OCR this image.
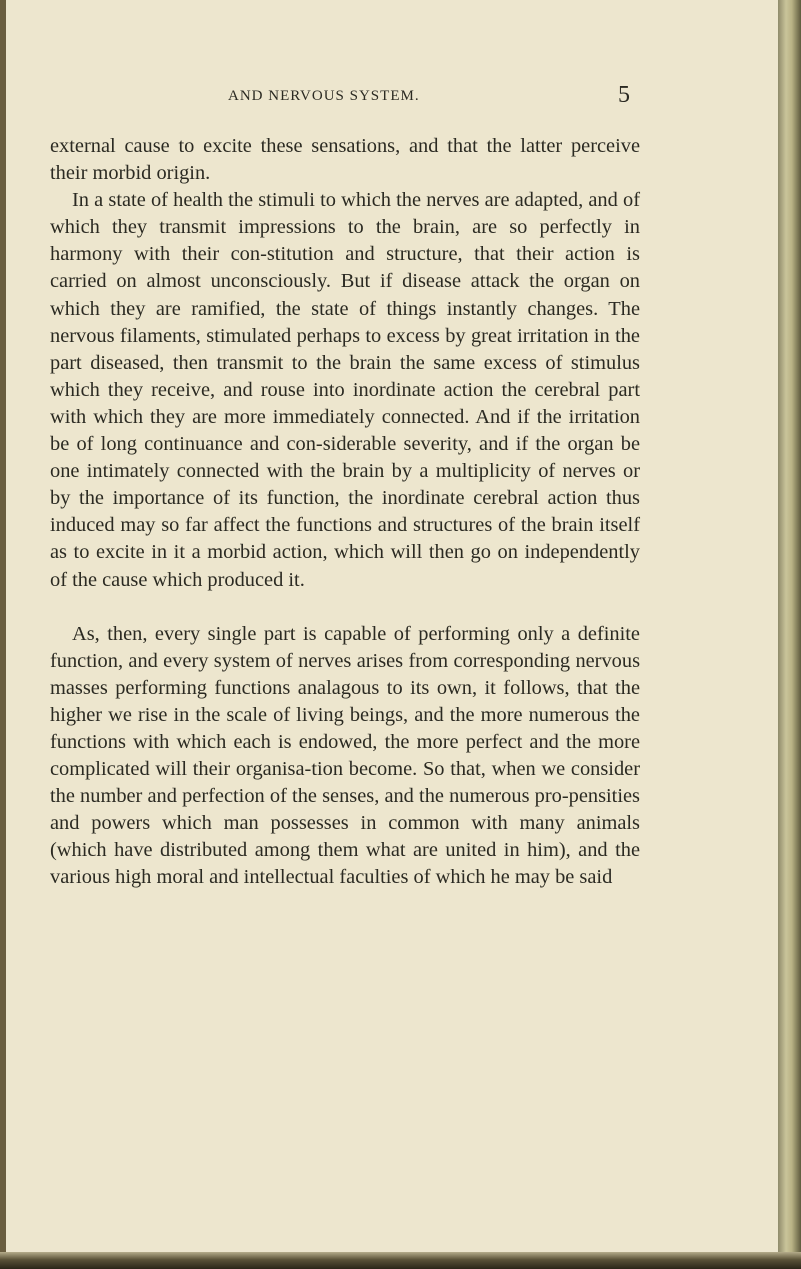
AND NERVOUS SYSTEM.	5

external cause to excite these sensations, and that the latter perceive their morbid origin.

In a state of health the stimuli to which the nerves are adapted, and of which they transmit impressions to the brain, are so perfectly in harmony with their con-stitution and structure, that their action is carried on almost unconsciously. But if disease attack the organ on which they are ramified, the state of things instantly changes. The nervous filaments, stimulated perhaps to excess by great irritation in the part diseased, then transmit to the brain the same excess of stimulus which they receive, and rouse into inordinate action the cerebral part with which they are more immediately connected. And if the irritation be of long continuance and con-siderable severity, and if the organ be one intimately connected with the brain by a multiplicity of nerves or by the importance of its function, the inordinate cerebral action thus induced may so far affect the functions and structures of the brain itself as to excite in it a morbid action, which will then go on independently of the cause which produced it.

As, then, every single part is capable of performing only a definite function, and every system of nerves arises from corresponding nervous masses performing functions analagous to its own, it follows, that the higher we rise in the scale of living beings, and the more numerous the functions with which each is endowed, the more perfect and the more complicated will their organisa-tion become. So that, when we consider the number and perfection of the senses, and the numerous pro-pensities and powers which man possesses in common with many animals (which have distributed among them what are united in him), and the various high moral and intellectual faculties of which he may be said
